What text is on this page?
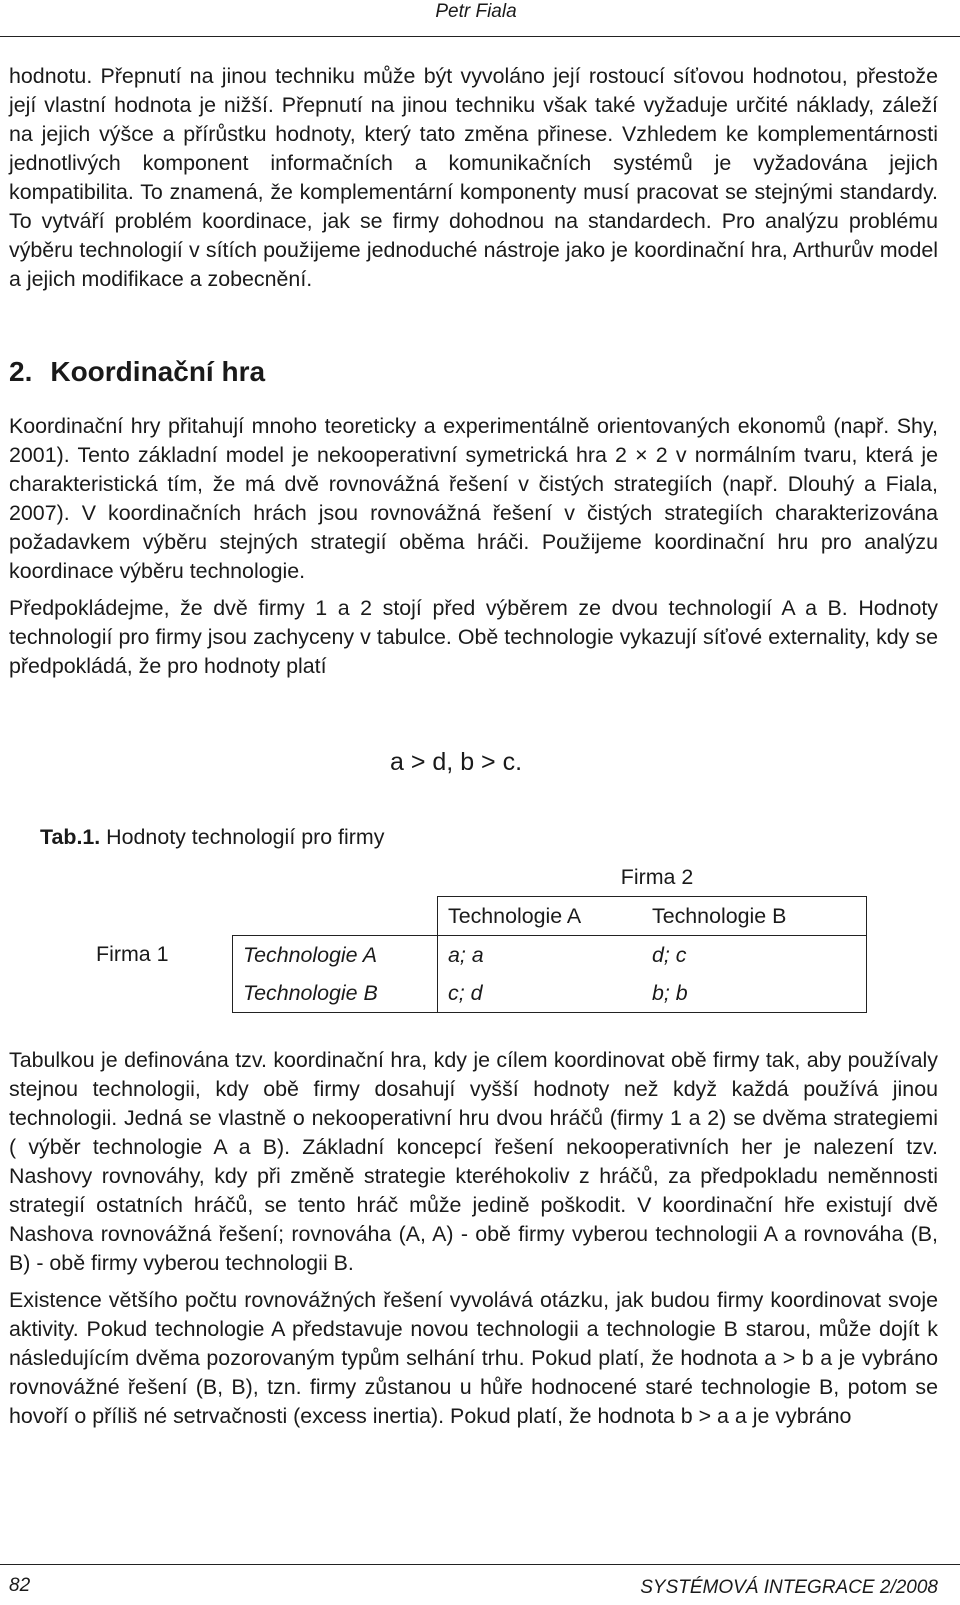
Petr Fiala

hodnotu. Přepnutí na jinou techniku může být vyvoláno její rostoucí síťovou hodnotou, přestože její vlastní hodnota je nižší. Přepnutí na jinou techniku však také vyžaduje určité náklady, záleží na jejich výšce a přírůstku hodnoty, který tato změna přinese. Vzhledem ke komplementárnosti jednotlivých komponent informačních a komunikačních systémů je vyžadována jejich kompatibilita. To znamená, že komplementární komponenty musí pracovat se stejnými standardy. To vytváří problém koordinace, jak se firmy dohodnou na standardech. Pro analýzu problému výběru technologií v sítích použijeme jednoduché nástroje jako je koordinační hra, Arthurův model a jejich modifikace a zobecnění.

2. Koordinační hra

Koordinační hry přitahují mnoho teoreticky a experimentálně orientovaných ekonomů (např. Shy, 2001). Tento základní model je nekooperativní symetrická hra 2 × 2 v normálním tvaru, která je charakteristická tím, že má dvě rovnovážná řešení v čistých strategiích (např. Dlouhý a Fiala, 2007). V koordinačních hrách jsou rovnovážná řešení v čistých strategiích charakterizována požadavkem výběru stejných strategií oběma hráči. Použijeme koordinační hru pro analýzu koordinace výběru technologie.

Předpokládejme, že dvě firmy 1 a 2 stojí před výběrem ze dvou technologií A a B. Hodnoty technologií pro firmy jsou zachyceny v tabulce. Obě technologie vykazují síťové externality, kdy se předpokládá, že pro hodnoty platí

a > d, b > c.
Tab.1. Hodnoty technologií pro firmy
		Firma 2	
		Technologie A	Technologie B
Firma 1	Technologie A	a; a	d; c
	Technologie B	c; d	b; b

Tabulkou je definována tzv. koordinační hra, kdy je cílem koordinovat obě firmy tak, aby používaly stejnou technologii, kdy obě firmy dosahují vyšší hodnoty než když každá používá jinou technologii. Jedná se vlastně o nekooperativní hru dvou hráčů (firmy 1 a 2) se dvěma strategiemi ( výběr technologie A a B). Základní koncepcí řešení nekooperativních her je nalezení tzv. Nashovy rovnováhy, kdy při změně strategie kteréhokoliv z hráčů, za předpokladu neměnnosti strategií ostatních hráčů, se tento hráč může jedině poškodit. V koordinační hře existují dvě Nashova rovnovážná řešení; rovnováha (A, A) - obě firmy vyberou technologii A a rovnováha (B, B) - obě firmy vyberou technologii B.

Existence většího počtu rovnovážných řešení vyvolává otázku, jak budou firmy koordinovat svoje aktivity. Pokud technologie A představuje novou technologii a technologie B starou, může dojít k následujícím dvěma pozorovaným typům selhání trhu. Pokud platí, že hodnota a > b a je vybráno rovnovážné řešení (B, B), tzn. firmy zůstanou u hůře hodnocené staré technologie B, potom se hovoří o příliš né setrvačnosti (excess inertia). Pokud platí, že hodnota b > a a je vybráno

82	SYSTÉMOVÁ INTEGRACE 2/2008
